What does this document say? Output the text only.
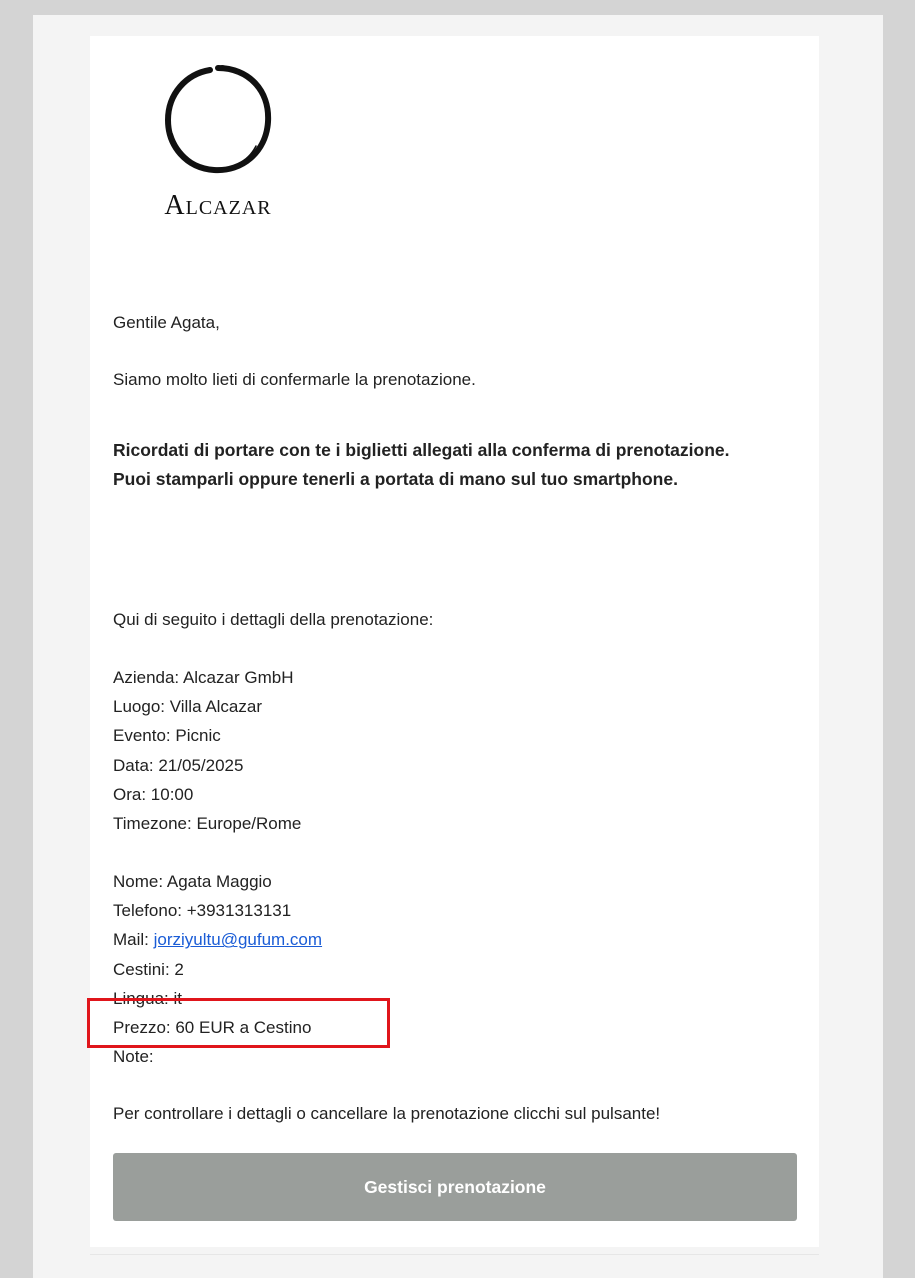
Alcazar

Gentile Agata,

Siamo molto lieti di confermarle la prenotazione.

Ricordati di portare con te i biglietti allegati alla conferma di prenotazione.

Puoi stamparli oppure tenerli a portata di mano sul tuo smartphone.

Qui di seguito i dettagli della prenotazione:

Azienda: Alcazar GmbH
Luogo: Villa Alcazar
Evento: Picnic
Data: 21/05/2025
Ora: 10:00
Timezone: Europe/Rome
Nome: Agata Maggio
Telefono: +3931313131
Mail: jorziyultu@gufum.com
Cestini: 2
Lingua: it
Prezzo: 60 EUR a Cestino
Note:

Per controllare i dettagli o cancellare la prenotazione clicchi sul pulsante!

Gestisci prenotazione
